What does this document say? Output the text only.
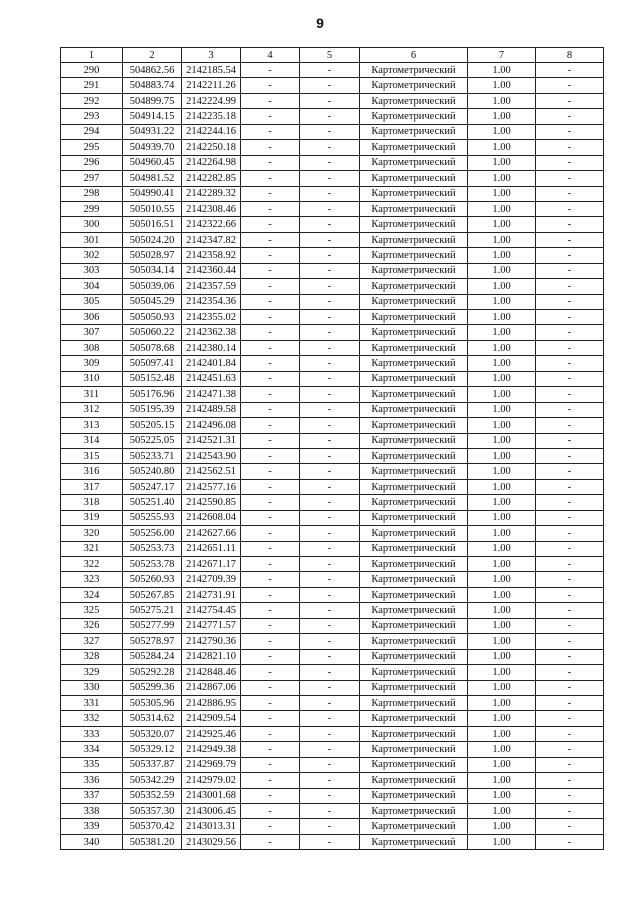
9
1	2	3	4	5	6	7	8
290	504862.56	2142185.54	-	-	Картометрический	1.00	-
291	504883.74	2142211.26	-	-	Картометрический	1.00	-
292	504899.75	2142224.99	-	-	Картометрический	1.00	-
293	504914.15	2142235.18	-	-	Картометрический	1.00	-
294	504931.22	2142244.16	-	-	Картометрический	1.00	-
295	504939.70	2142250.18	-	-	Картометрический	1.00	-
296	504960.45	2142264.98	-	-	Картометрический	1.00	-
297	504981.52	2142282.85	-	-	Картометрический	1.00	-
298	504990.41	2142289.32	-	-	Картометрический	1.00	-
299	505010.55	2142308.46	-	-	Картометрический	1.00	-
300	505016.51	2142322.66	-	-	Картометрический	1.00	-
301	505024.20	2142347.82	-	-	Картометрический	1.00	-
302	505028.97	2142358.92	-	-	Картометрический	1.00	-
303	505034.14	2142360.44	-	-	Картометрический	1.00	-
304	505039.06	2142357.59	-	-	Картометрический	1.00	-
305	505045.29	2142354.36	-	-	Картометрический	1.00	-
306	505050.93	2142355.02	-	-	Картометрический	1.00	-
307	505060.22	2142362.38	-	-	Картометрический	1.00	-
308	505078.68	2142380.14	-	-	Картометрический	1.00	-
309	505097.41	2142401.84	-	-	Картометрический	1.00	-
310	505152.48	2142451.63	-	-	Картометрический	1.00	-
311	505176.96	2142471.38	-	-	Картометрический	1.00	-
312	505195.39	2142489.58	-	-	Картометрический	1.00	-
313	505205.15	2142496.08	-	-	Картометрический	1.00	-
314	505225.05	2142521.31	-	-	Картометрический	1.00	-
315	505233.71	2142543.90	-	-	Картометрический	1.00	-
316	505240.80	2142562.51	-	-	Картометрический	1.00	-
317	505247.17	2142577.16	-	-	Картометрический	1.00	-
318	505251.40	2142590.85	-	-	Картометрический	1.00	-
319	505255.93	2142608.04	-	-	Картометрический	1.00	-
320	505256.00	2142627.66	-	-	Картометрический	1.00	-
321	505253.73	2142651.11	-	-	Картометрический	1.00	-
322	505253.78	2142671.17	-	-	Картометрический	1.00	-
323	505260.93	2142709.39	-	-	Картометрический	1.00	-
324	505267.85	2142731.91	-	-	Картометрический	1.00	-
325	505275.21	2142754.45	-	-	Картометрический	1.00	-
326	505277.99	2142771.57	-	-	Картометрический	1.00	-
327	505278.97	2142790.36	-	-	Картометрический	1.00	-
328	505284.24	2142821.10	-	-	Картометрический	1.00	-
329	505292.28	2142848.46	-	-	Картометрический	1.00	-
330	505299.36	2142867.06	-	-	Картометрический	1.00	-
331	505305.96	2142886.95	-	-	Картометрический	1.00	-
332	505314.62	2142909.54	-	-	Картометрический	1.00	-
333	505320.07	2142925.46	-	-	Картометрический	1.00	-
334	505329.12	2142949.38	-	-	Картометрический	1.00	-
335	505337.87	2142969.79	-	-	Картометрический	1.00	-
336	505342.29	2142979.02	-	-	Картометрический	1.00	-
337	505352.59	2143001.68	-	-	Картометрический	1.00	-
338	505357.30	2143006.45	-	-	Картометрический	1.00	-
339	505370.42	2143013.31	-	-	Картометрический	1.00	-
340	505381.20	2143029.56	-	-	Картометрический	1.00	-
